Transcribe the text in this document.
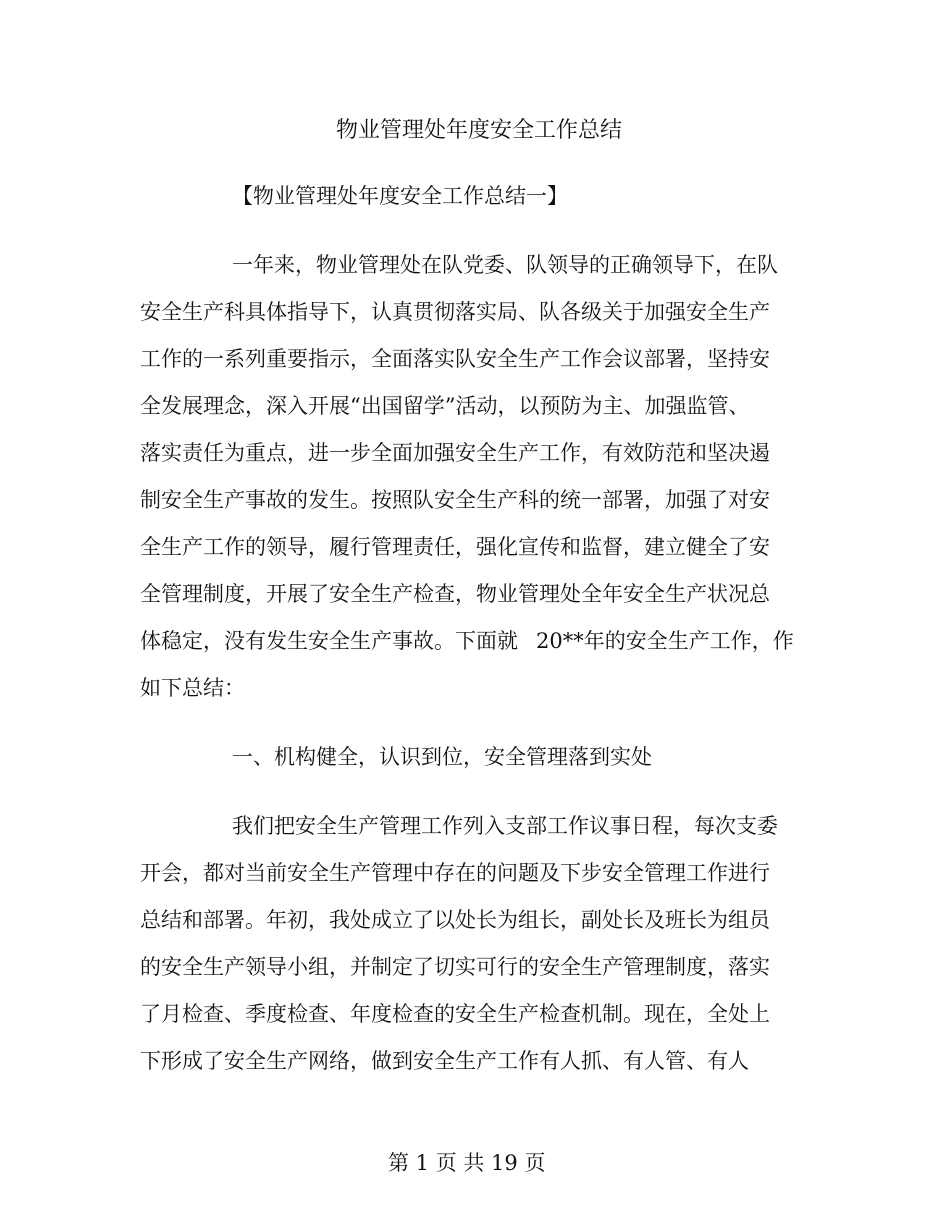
物业管理处年度安全工作总结
【物业管理处年度安全工作总结一】
一年来，物业管理处在队党委、队领导的正确领导下，在队
安全生产科具体指导下，认真贯彻落实局、队各级关于加强安全生产
工作的一系列重要指示，全面落实队安全生产工作会议部署，坚持安
全发展理念，深入开展“出国留学”活动，以预防为主、加强监管、
落实责任为重点，进一步全面加强安全生产工作，有效防范和坚决遏
制安全生产事故的发生。按照队安全生产科的统一部署，加强了对安
全生产工作的领导，履行管理责任，强化宣传和监督，建立健全了安
全管理制度，开展了安全生产检查，物业管理处全年安全生产状况总
体稳定，没有发生安全生产事故。下面就 20**年的安全生产工作，作
如下总结：
一、机构健全，认识到位，安全管理落到实处
我们把安全生产管理工作列入支部工作议事日程，每次支委
开会，都对当前安全生产管理中存在的问题及下步安全管理工作进行
总结和部署。年初，我处成立了以处长为组长，副处长及班长为组员
的安全生产领导小组，并制定了切实可行的安全生产管理制度，落实
了月检查、季度检查、年度检查的安全生产检查机制。现在，全处上
下形成了安全生产网络，做到安全生产工作有人抓、有人管、有人
第 1 页 共 19 页
